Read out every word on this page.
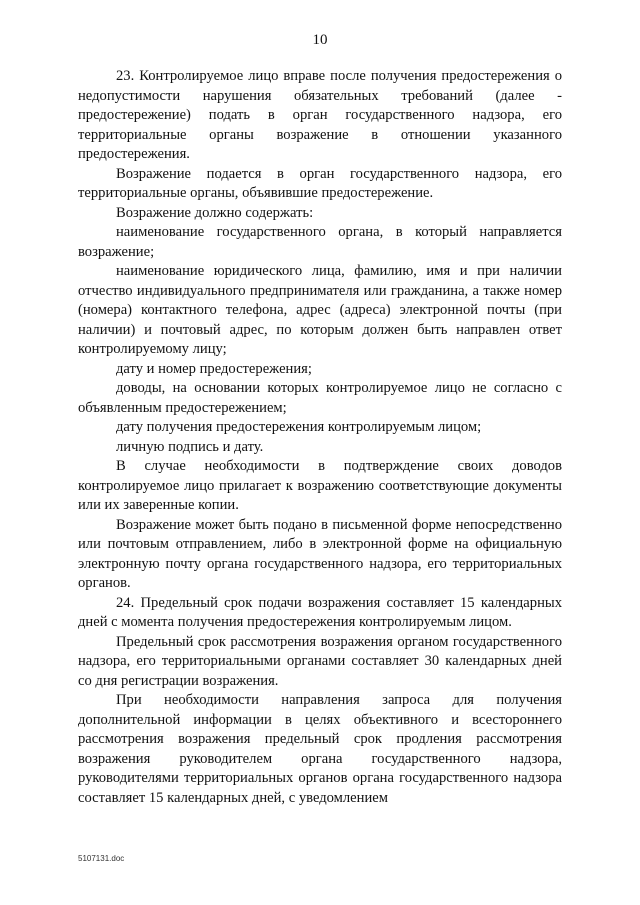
10

23. Контролируемое лицо вправе после получения предостережения о недопустимости нарушения обязательных требований (далее - предостережение) подать в орган государственного надзора, его территориальные органы возражение в отношении указанного предостережения.

Возражение подается в орган государственного надзора, его территориальные органы, объявившие предостережение.

Возражение должно содержать:

наименование государственного органа, в который направляется возражение;

наименование юридического лица, фамилию, имя и при наличии отчество индивидуального предпринимателя или гражданина, а также номер (номера) контактного телефона, адрес (адреса) электронной почты (при наличии) и почтовый адрес, по которым должен быть направлен ответ контролируемому лицу;

дату и номер предостережения;

доводы, на основании которых контролируемое лицо не согласно с объявленным предостережением;

дату получения предостережения контролируемым лицом;

личную подпись и дату.

В случае необходимости в подтверждение своих доводов контролируемое лицо прилагает к возражению соответствующие документы или их заверенные копии.

Возражение может быть подано в письменной форме непосредственно или почтовым отправлением, либо в электронной форме на официальную электронную почту органа государственного надзора, его территориальных органов.

24. Предельный срок подачи возражения составляет 15 календарных дней с момента получения предостережения контролируемым лицом.

Предельный срок рассмотрения возражения органом государственного надзора, его территориальными органами составляет 30 календарных дней со дня регистрации возражения.

При необходимости направления запроса для получения дополнительной информации в целях объективного и всестороннего рассмотрения возражения предельный срок продления рассмотрения возражения руководителем органа государственного надзора, руководителями территориальных органов органа государственного надзора составляет 15 календарных дней, с уведомлением

5107131.doc
